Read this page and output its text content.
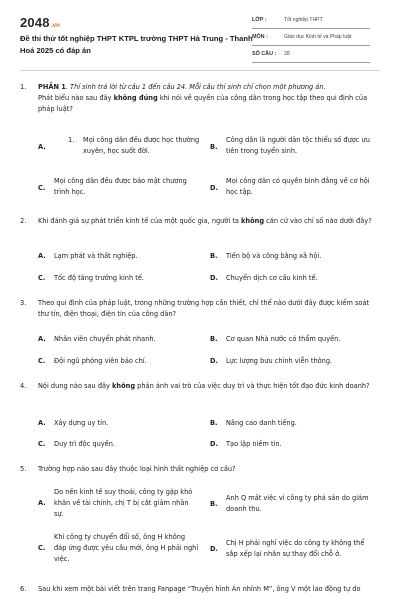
2048.vn
Đề thi thử tốt nghiệp THPT KTPL trường THPT Hà Trung - Thanh Hoá 2025 có đáp án
LỚP :	Tốt nghiệp THPT
MÔN :	Giáo dục Kinh tế và Pháp luật
SỐ CÂU : 28
1.	PHẦN 1. Thí sinh trả lời từ câu 1 đến câu 24. Mỗi câu thí sinh chỉ chọn một phương án.
Phát biểu nào sau đây không đúng khi nói về quyền của công dân trong học tập theo qui định của pháp luật?
A.
1. Mọi công dân đều được học thường xuyên, học suốt đời.	B.
Công dân là người dân tộc thiểu số được ưu tiên trong tuyển sinh.
C.
Mọi công dân đều được bảo mật chương trình học.	D.
Mọi công dân có quyền bình đẳng về cơ hội học tập.
2.	Khi đánh giá sự phát triển kinh tế của một quốc gia, người ta không căn cứ vào chỉ số nào dưới đây?
A. Lạm phát và thất nghiệp.	B. Tiến bộ và công bằng xã hội.
C. Tốc độ tăng trưởng kinh tế.	D. Chuyển dịch cơ cấu kinh tế.
3.	Theo qui định của pháp luật, trong những trường hợp cần thiết, chỉ thể nào dưới đây được kiểm soát thư tín, điện thoại, điện tín của công dân?
A. Nhân viên chuyển phát nhanh.	B. Cơ quan Nhà nước có thẩm quyền.
C. Đội ngũ phóng viên báo chí.	D. Lực lượng bưu chính viễn thông.
4.	Nội dung nào sau đây không phản ánh vai trò của việc duy trì và thực hiện tốt đạo đức kinh doanh?
A. Xây dựng uy tín.	B. Nâng cao danh tiếng.
C. Duy trì độc quyền.	D. Tạo lập niềm tin.
5.	Trường hợp nào sau đây thuộc loại hình thất nghiệp cơ cấu?
A.
Do nền kinh tế suy thoái, công ty gặp khó khăn về tài chính, chị T bị cắt giảm nhân sự.
B.
Anh Q mất việc vì công ty phá sản do giám doanh thu.
C.
Khi công ty chuyển đổi số, ông H không đáp ứng được yêu cầu mới, ông H phải nghỉ việc.
D.
Chị H phải nghỉ việc do công ty không thể sắp xếp lại nhân sự thay đổi chỗ ở.
6.	Sau khi xem một bài viết trên trang Fanpage “Truyện hình Án nhỉnh M”, ông V một lao động tự do
